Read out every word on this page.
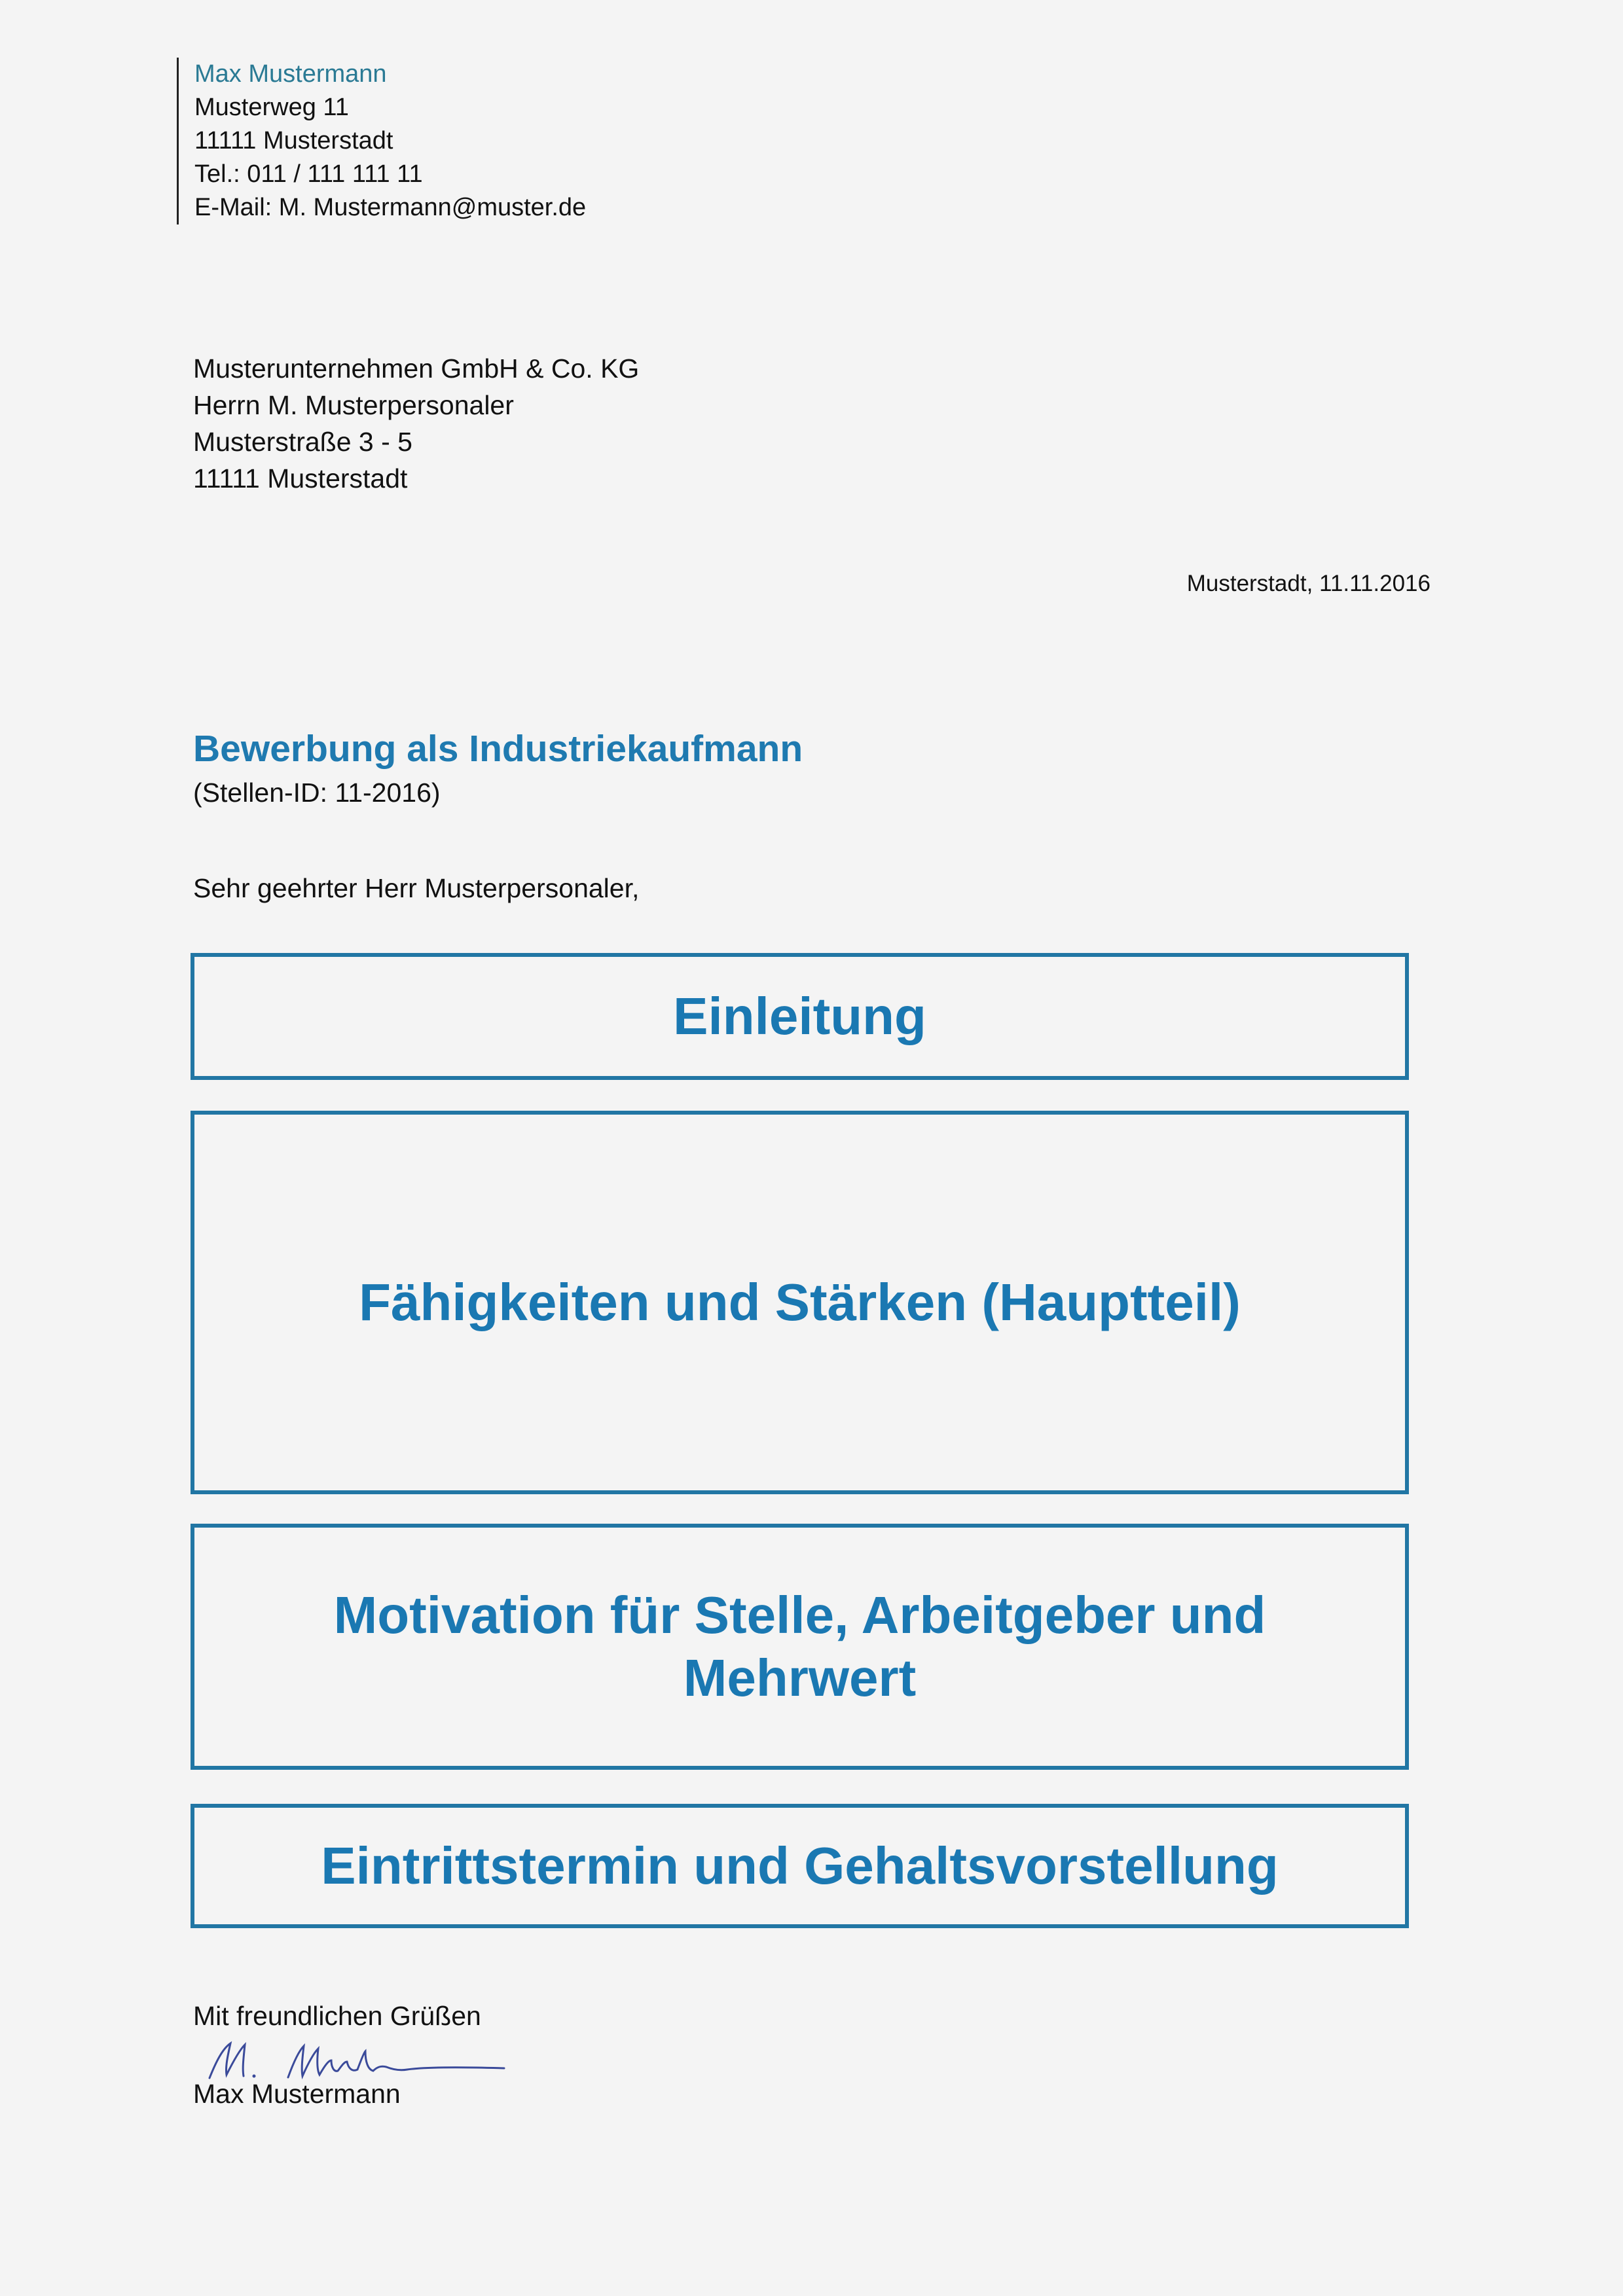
Max Mustermann
Musterweg 11
11111 Musterstadt
Tel.: 011 / 111 111 11
E-Mail: M. Mustermann@muster.de
Musterunternehmen GmbH & Co. KG
Herrn M. Musterpersonaler
Musterstraße 3 - 5
11111 Musterstadt
Musterstadt, 11.11.2016
Bewerbung als Industriekaufmann
(Stellen-ID: 11-2016)
Sehr geehrter Herr Musterpersonaler,
Einleitung
Fähigkeiten und Stärken (Hauptteil)
Motivation für Stelle, Arbeitgeber und Mehrwert
Eintrittstermin und Gehaltsvorstellung
Mit freundlichen Grüßen
Max Mustermann
